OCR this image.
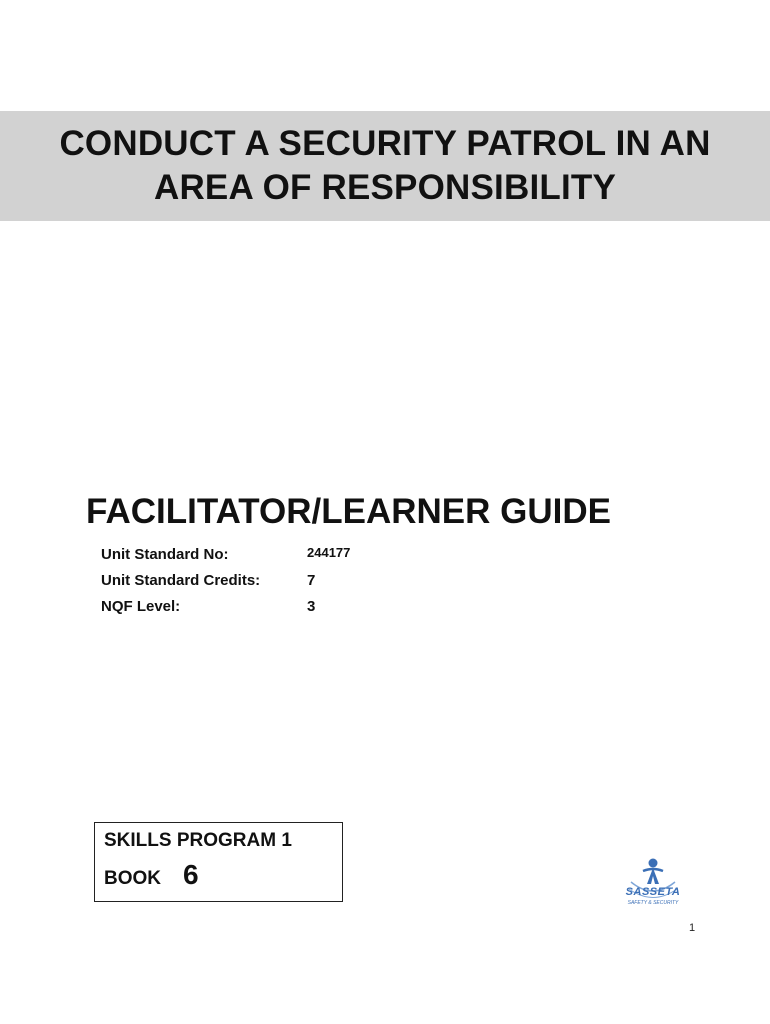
CONDUCT A SECURITY PATROL IN AN AREA OF RESPONSIBILITY
FACILITATOR/LEARNER GUIDE
Unit Standard No:	244177
Unit Standard Credits:	7
NQF Level:	3
SKILLS PROGRAM 1
BOOK 6
SASSETA
SAFETY & SECURITY
1
